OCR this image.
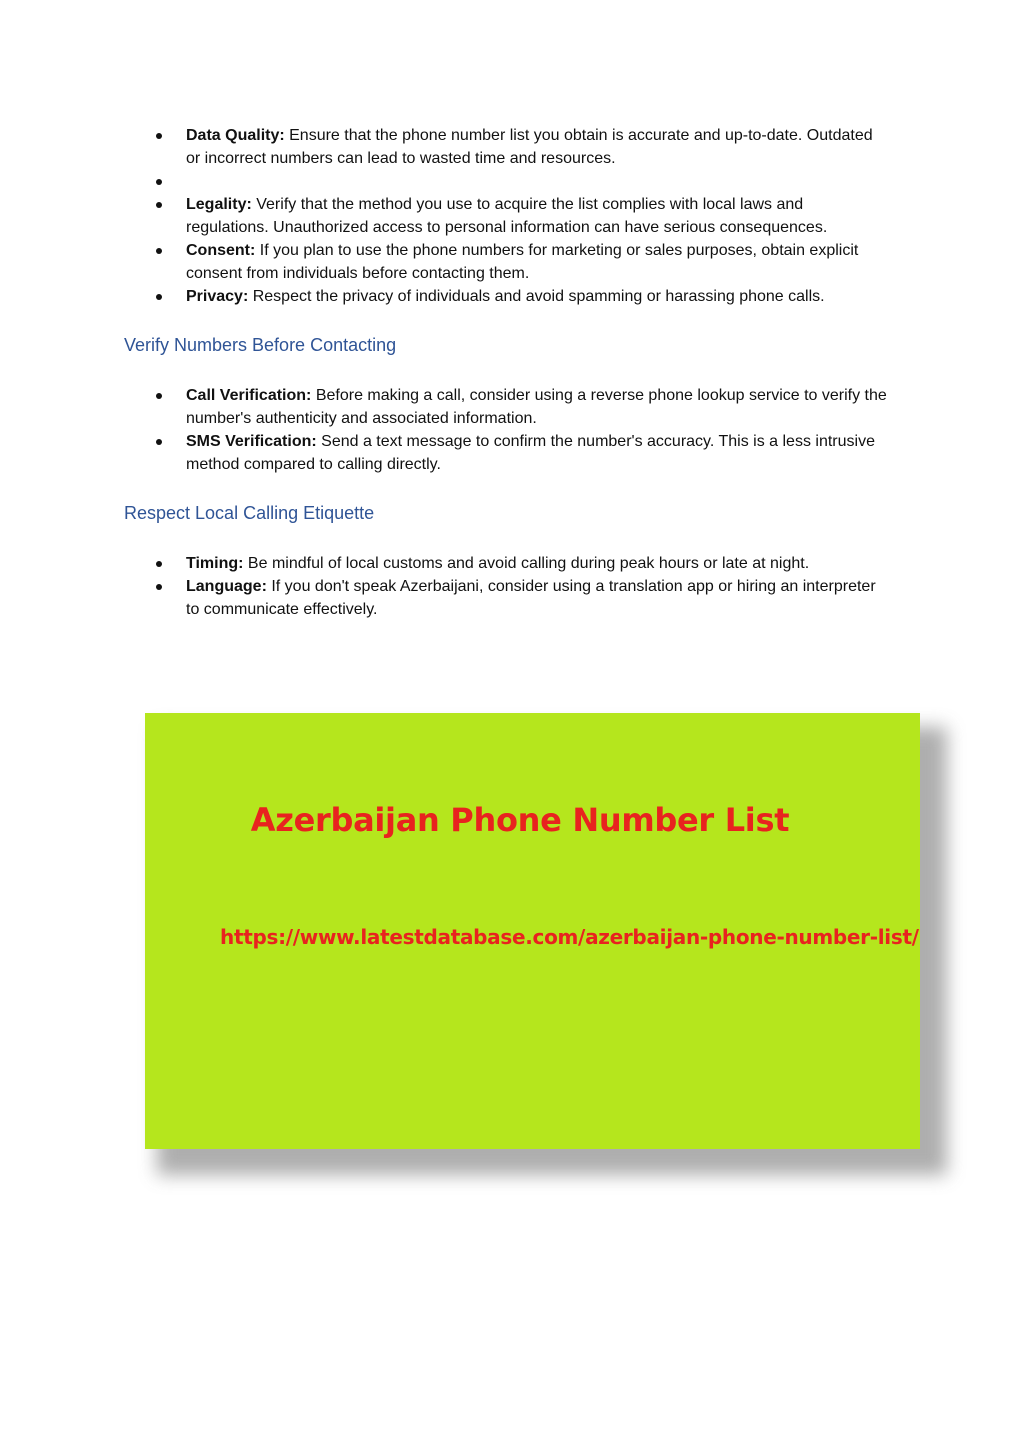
Data Quality: Ensure that the phone number list you obtain is accurate and up-to-date. Outdated or incorrect numbers can lead to wasted time and resources.
Legality: Verify that the method you use to acquire the list complies with local laws and regulations. Unauthorized access to personal information can have serious consequences.
Consent: If you plan to use the phone numbers for marketing or sales purposes, obtain explicit consent from individuals before contacting them.
Privacy: Respect the privacy of individuals and avoid spamming or harassing phone calls.
Verify Numbers Before Contacting
Call Verification: Before making a call, consider using a reverse phone lookup service to verify the number's authenticity and associated information.
SMS Verification: Send a text message to confirm the number's accuracy. This is a less intrusive method compared to calling directly.
Respect Local Calling Etiquette
Timing: Be mindful of local customs and avoid calling during peak hours or late at night.
Language: If you don't speak Azerbaijani, consider using a translation app or hiring an interpreter to communicate effectively.
Azerbaijan Phone Number List
https://www.latestdatabase.com/azerbaijan-phone-number-list/
